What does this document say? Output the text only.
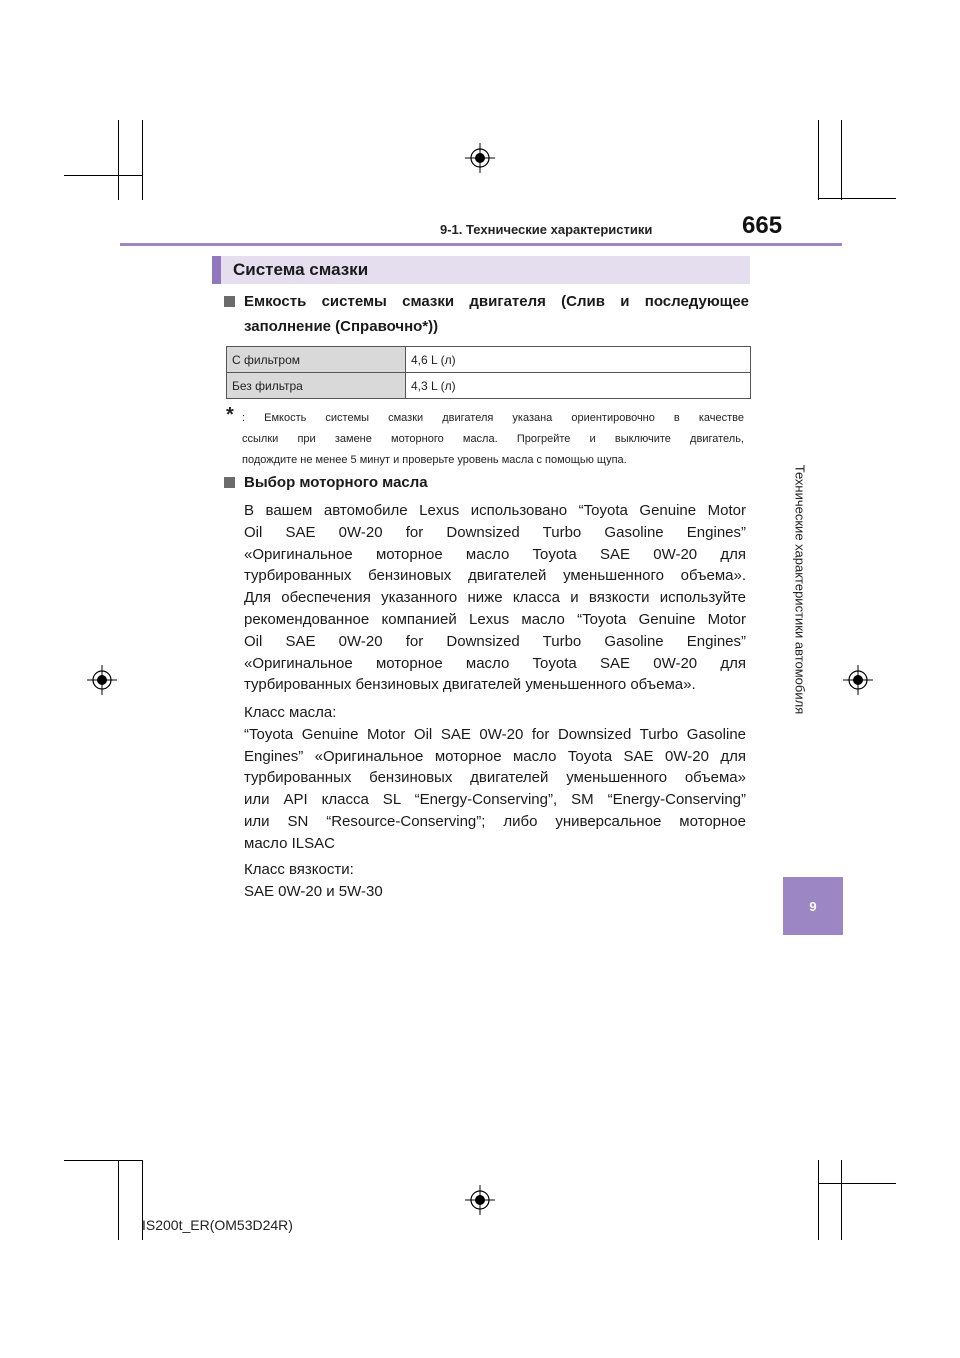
9-1. Технические характеристики	665
Технические характеристики автомобиля
9
Система смазки
Емкость системы смазки двигателя (Слив и последующее
заполнение (Справочно*))
С фильтром	4,6 L (л)
Без фильтра	4,3 L (л)
* : Емкость системы смазки двигателя указана ориентировочно в качестве
ссылки при замене моторного масла. Прогрейте и выключите двигатель,
подождите не менее 5 минут и проверьте уровень масла с помощью щупа.
Выбор моторного масла
В вашем автомобиле Lexus использовано “Toyota Genuine Motor
Oil SAE 0W-20 for Downsized Turbo Gasoline Engines”
«Оригинальное моторное масло Toyota SAE 0W-20 для
турбированных бензиновых двигателей уменьшенного объема».
Для обеспечения указанного ниже класса и вязкости используйте
рекомендованное компанией Lexus масло “Toyota Genuine Motor
Oil SAE 0W-20 for Downsized Turbo Gasoline Engines”
«Оригинальное моторное масло Toyota SAE 0W-20 для
турбированных бензиновых двигателей уменьшенного объема».
Класс масла:
“Toyota Genuine Motor Oil SAE 0W-20 for Downsized Turbo Gasoline
Engines” «Оригинальное моторное масло Toyota SAE 0W-20 для
турбированных бензиновых двигателей уменьшенного объема»
или API класса SL “Energy-Conserving”, SM “Energy-Conserving”
или SN “Resource-Conserving”; либо универсальное моторное
масло ILSAC
Класс вязкости:
SAE 0W-20 и 5W-30
IS200t_ER(OM53D24R)
